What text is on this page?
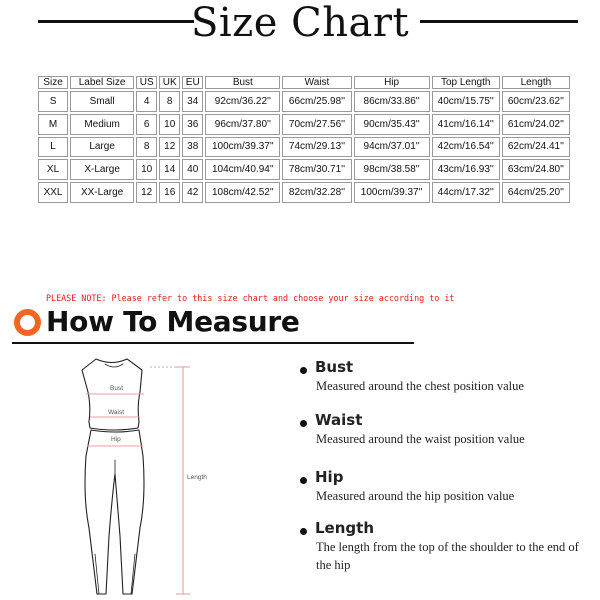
Size Chart
Size	Label Size	US	UK	EU	Bust	Waist	Hip	Top Length	Length
S	Small	4	8	34	92cm/36.22''	66cm/25.98''	86cm/33.86''	40cm/15.75''	60cm/23.62''
M	Medium	6	10	36	96cm/37.80''	70cm/27.56''	90cm/35.43''	41cm/16.14''	61cm/24.02''
L	Large	8	12	38	100cm/39.37''	74cm/29.13''	94cm/37.01''	42cm/16.54''	62cm/24.41''
XL	X-Large	10	14	40	104cm/40.94''	78cm/30.71''	98cm/38.58''	43cm/16.93''	63cm/24.80''
XXL	XX-Large	12	16	42	108cm/42.52''	82cm/32.28''	100cm/39.37''	44cm/17.32''	64cm/25.20''
PLEASE NOTE: Please refer to this size chart and choose your size according to it
How To Measure
Bust
Waist
Hip
Length
Bust
Measured around the chest position value
Waist
Measured around the waist position value
Hip
Measured around the hip position value
Length
The length from the top of the shoulder to the end of the hip
